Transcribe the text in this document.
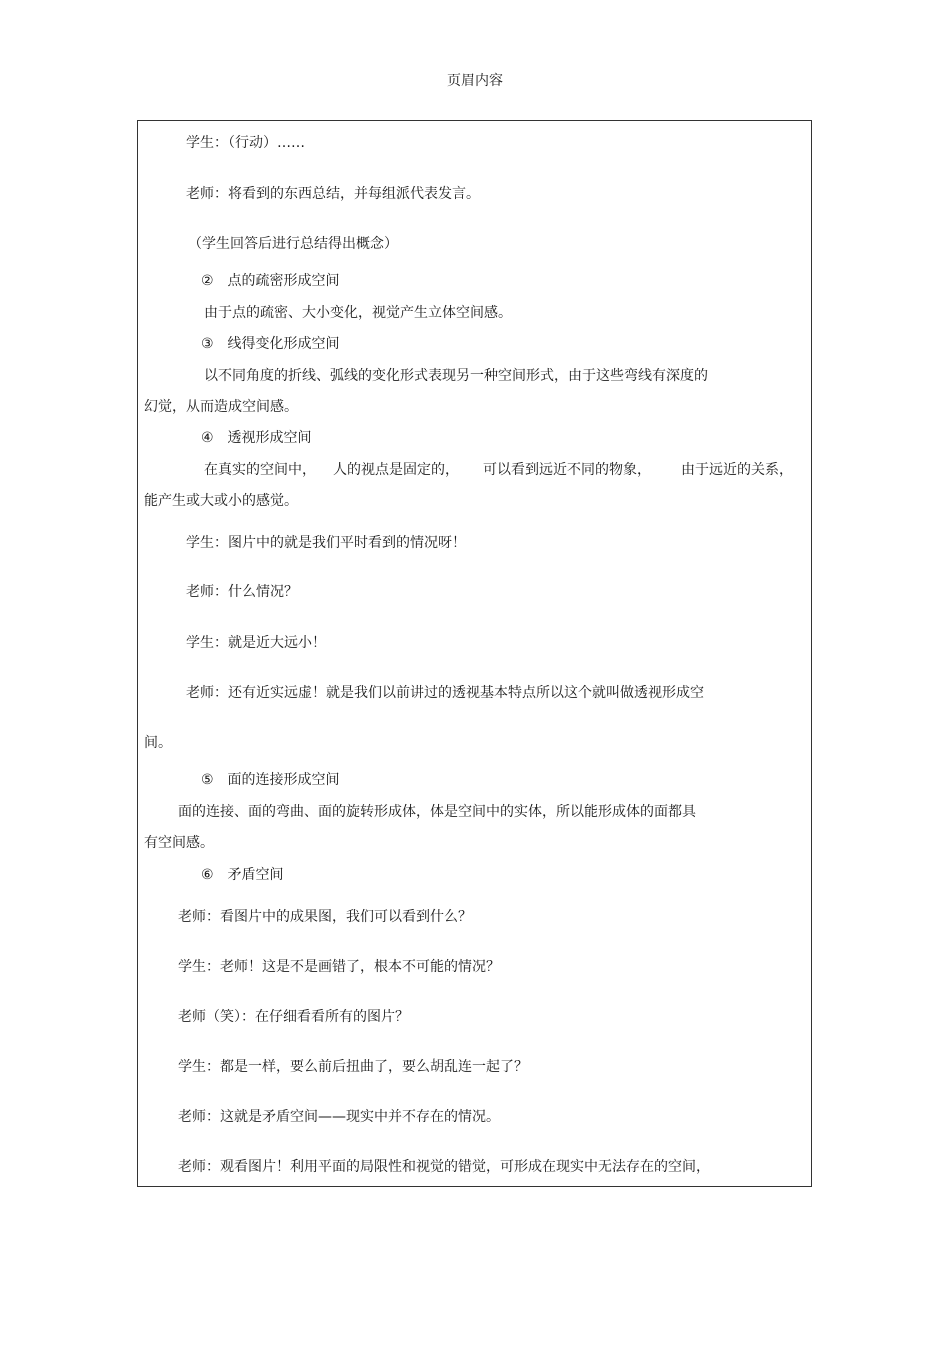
页眉内容

学生：（行动）……

老师：将看到的东西总结，并每组派代表发言。

（学生回答后进行总结得出概念）

②　点的疏密形成空间

由于点的疏密、大小变化，视觉产生立体空间感。

③　线得变化形成空间

以不同角度的折线、弧线的变化形式表现另一种空间形式，由于这些弯线有深度的

幻觉，从而造成空间感。

④　透视形成空间

在真实的空间中， 人的视点是固定的， 可以看到远近不同的物象， 由于远近的关系，

能产生或大或小的感觉。

学生：图片中的就是我们平时看到的情况呀！

老师：什么情况？

学生：就是近大远小！

老师：还有近实远虚！就是我们以前讲过的透视基本特点所以这个就叫做透视形成空

间。

⑤　面的连接形成空间

面的连接、面的弯曲、面的旋转形成体，体是空间中的实体，所以能形成体的面都具

有空间感。

⑥　矛盾空间

老师：看图片中的成果图，我们可以看到什么？

学生：老师！这是不是画错了，根本不可能的情况？

老师（笑）：在仔细看看所有的图片？

学生：都是一样，要么前后扭曲了，要么胡乱连一起了？

老师：这就是矛盾空间——现实中并不存在的情况。

老师：观看图片！利用平面的局限性和视觉的错觉，可形成在现实中无法存在的空间，
